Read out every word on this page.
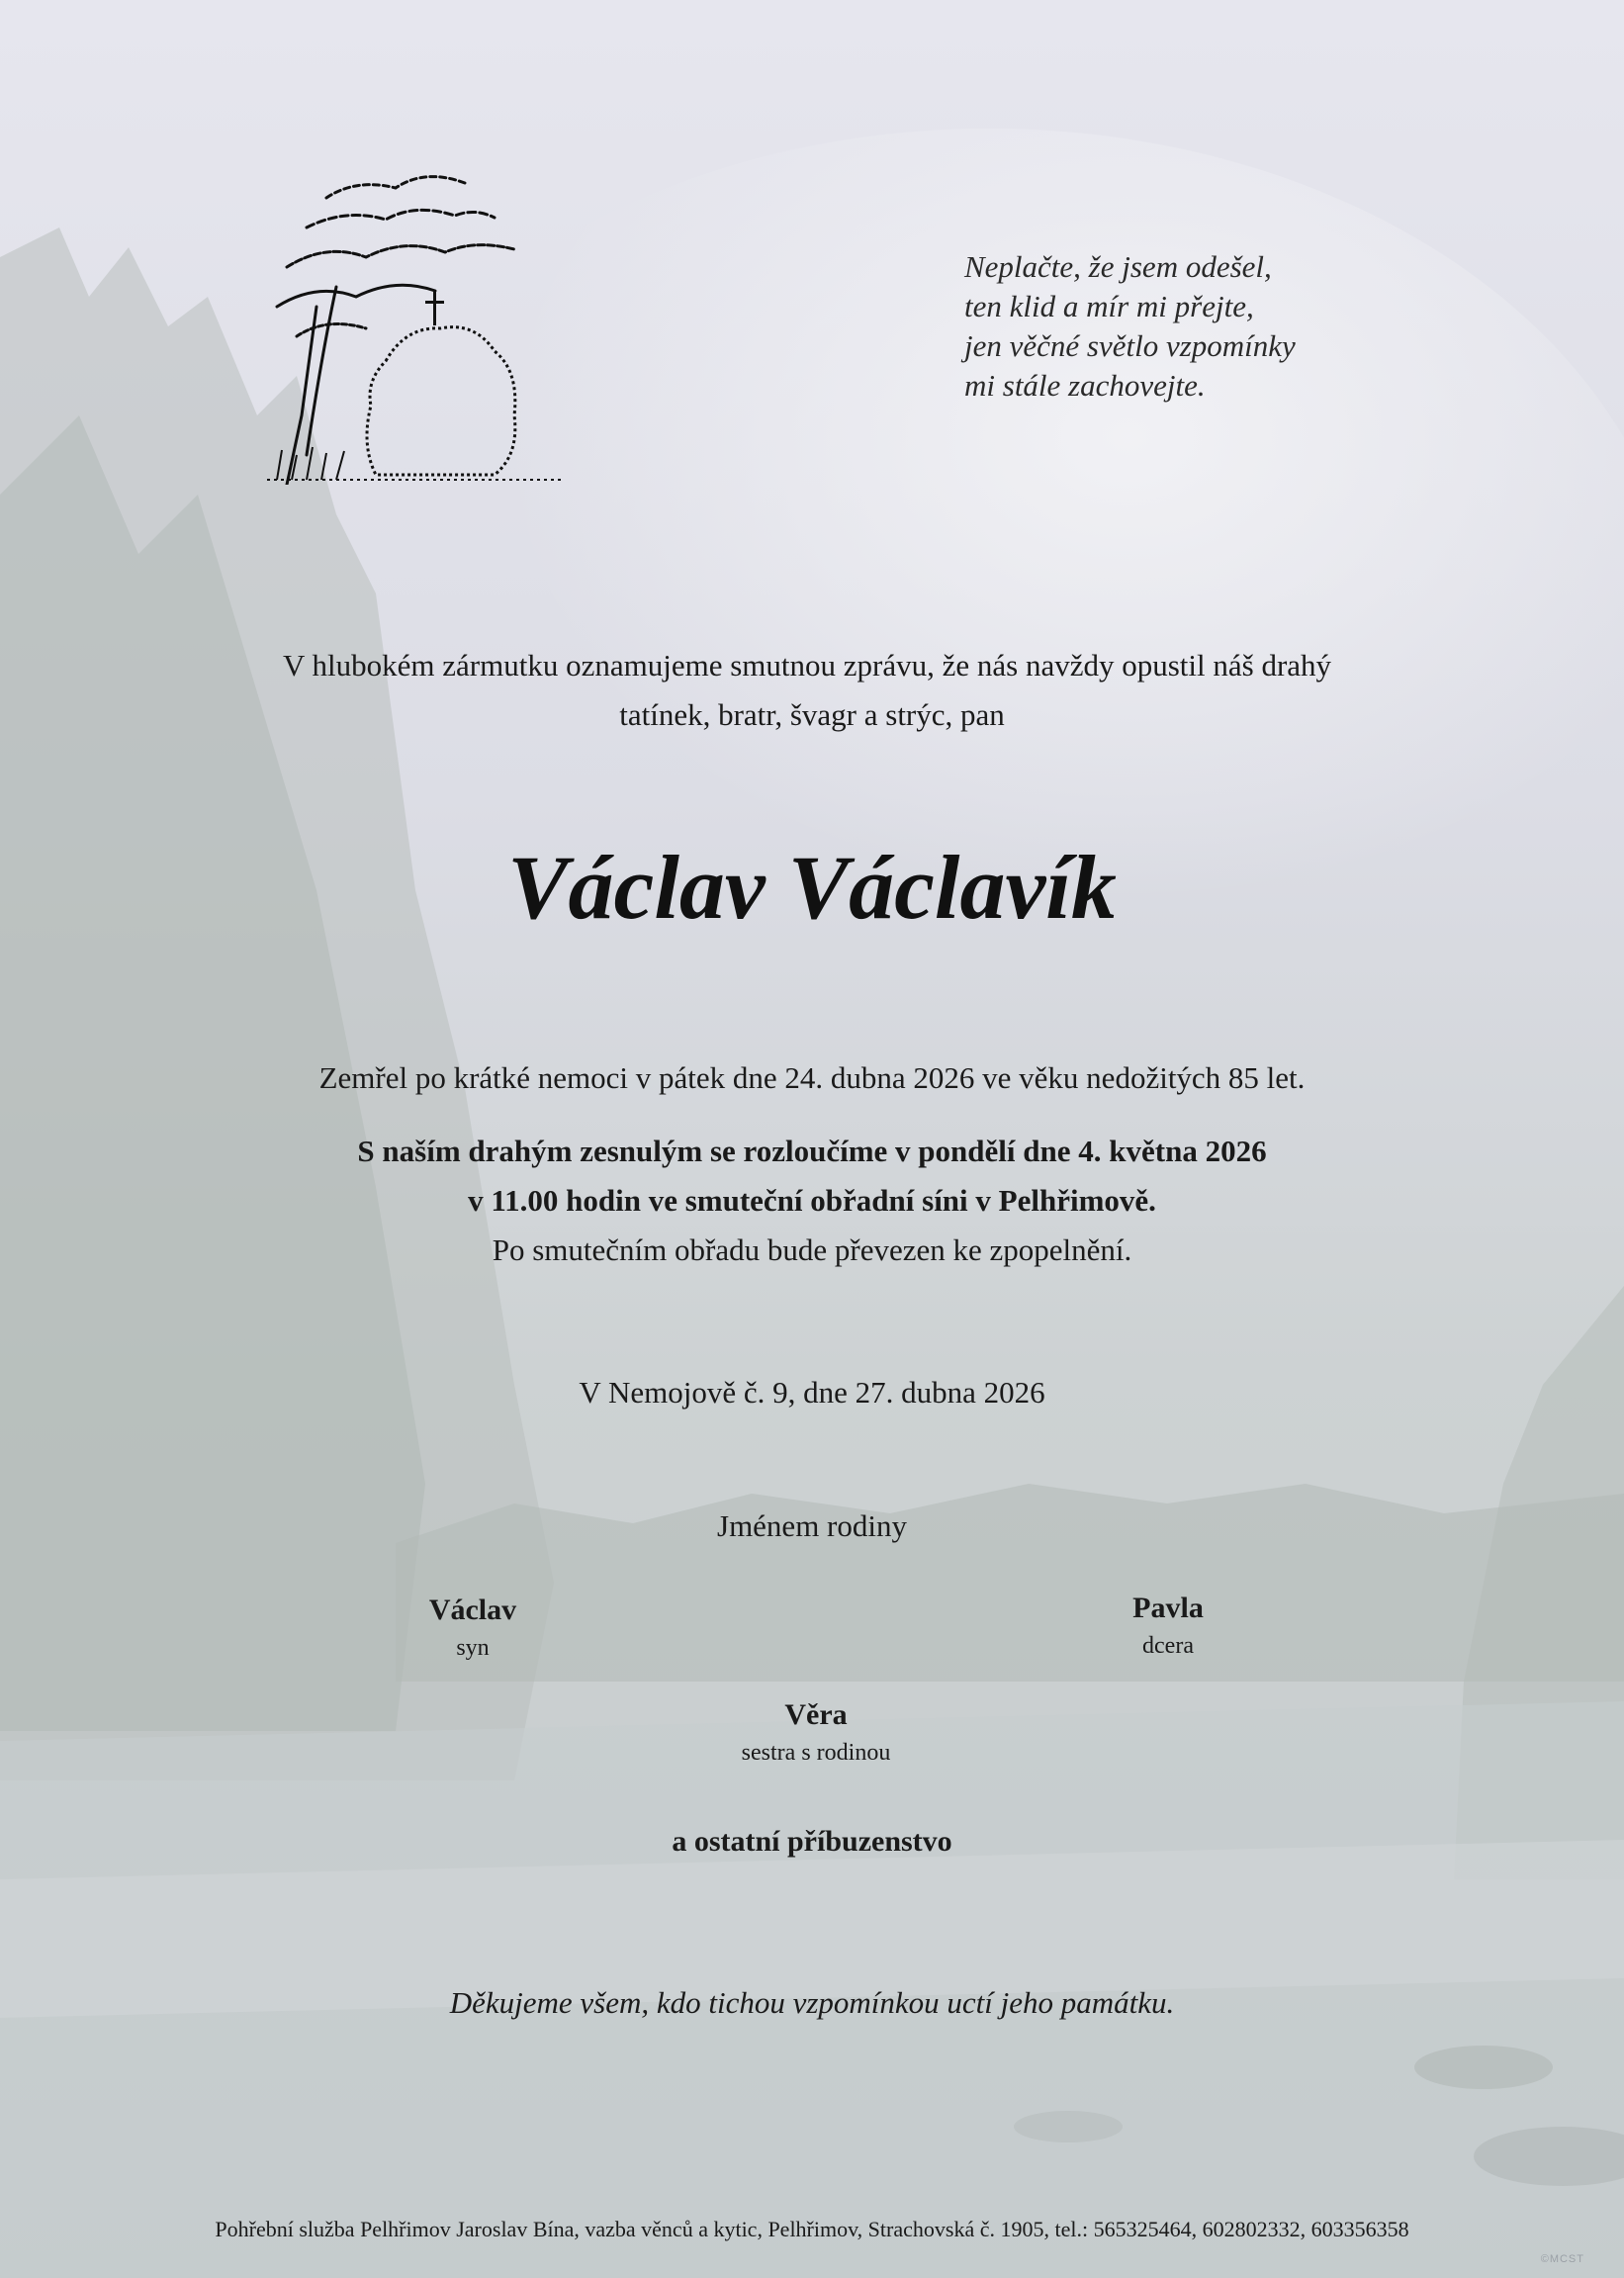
Neplačte, že jsem odešel,
ten klid a mír mi přejte,
jen věčné světlo vzpomínky
mi stále zachovejte.
V hlubokém zármutku oznamujeme smutnou zprávu, že nás navždy opustil náš drahý
tatínek, bratr, švagr a strýc, pan
Václav Václavík
Zemřel po krátké nemoci v pátek dne 24. dubna 2026 ve věku nedožitých 85 let.
S naším drahým zesnulým se rozloučíme v pondělí dne 4. května 2026
v 11.00 hodin ve smuteční obřadní síni v Pelhřimově.
Po smutečním obřadu bude převezen ke zpopelnění.
V Nemojově č. 9, dne 27. dubna 2026
Jménem rodiny
Václav
syn
Pavla
dcera
Věra
sestra s rodinou
a ostatní příbuzenstvo
Děkujeme všem, kdo tichou vzpomínkou uctí jeho památku.
Pohřební služba Pelhřimov Jaroslav Bína, vazba věnců a kytic, Pelhřimov, Strachovská č. 1905, tel.: 565325464, 602802332, 603356358
©MCST
